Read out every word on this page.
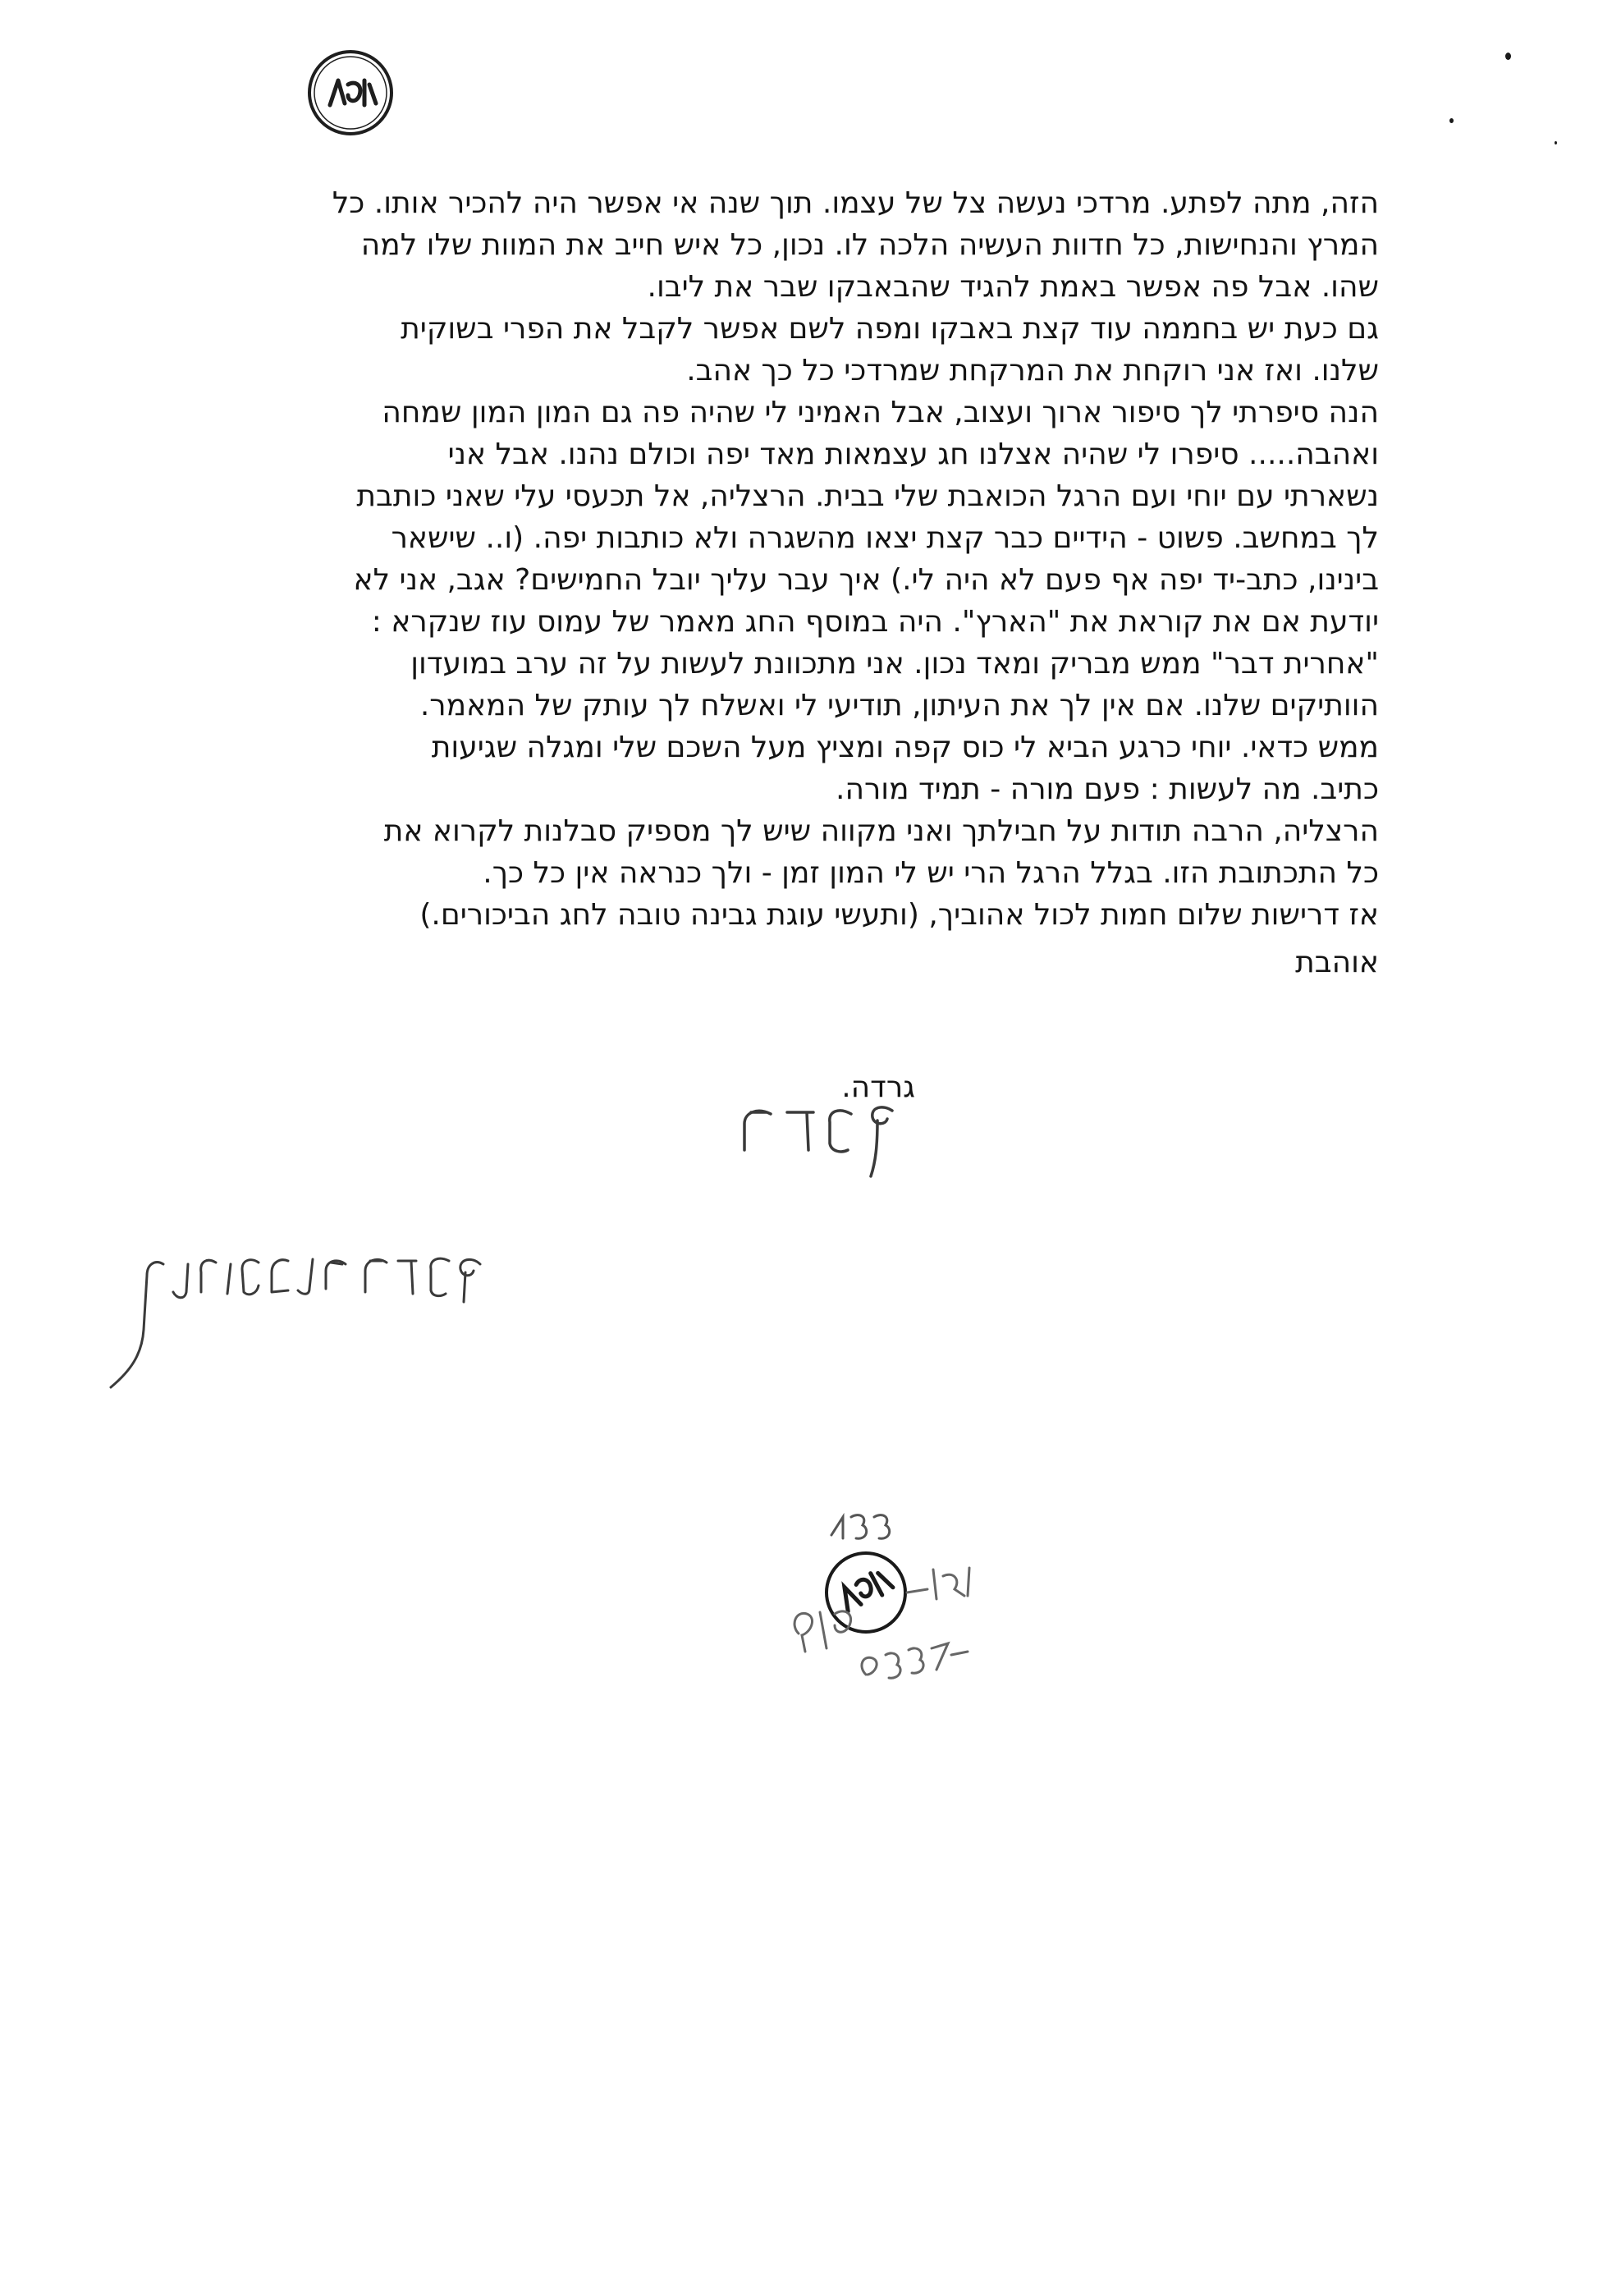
הזה, מתה לפתע. מרדכי נעשה צל של עצמו. תוך שנה אי אפשר היה להכיר אותו. כל
המרץ והנחישות, כל חדוות העשיה הלכה לו. נכון, כל איש חייב את המוות שלו למה
שהו. אבל פה אפשר באמת להגיד שהבאבקו שבר את ליבו.
גם כעת יש בחממה עוד קצת באבקו ומפה לשם אפשר לקבל את הפרי בשוקית
שלנו. ואז אני רוקחת את המרקחת שמרדכי כל כך אהב.
הנה סיפרתי לך סיפור ארוך ועצוב, אבל האמיני לי שהיה פה גם המון המון שמחה
ואהבה..... סיפרו לי שהיה אצלנו חג עצמאות מאד יפה וכולם נהנו. אבל אני
נשארתי עם יוחי ועם הרגל הכואבת שלי בבית. הרצליה, אל תכעסי עלי שאני כותבת
לך במחשב. פשוט - הידיים כבר קצת יצאו מהשגרה ולא כותבות יפה. (ו.. שישאר
בינינו, כתב-יד יפה אף פעם לא היה לי.) איך עבר עליך יובל החמישים? אגב, אני לא
יודעת אם את קוראת את "הארץ". היה במוסף החג מאמר של עמוס עוז שנקרא :
"אחרית דבר" ממש מבריק ומאד נכון. אני מתכוונת לעשות על זה ערב במועדון
הוותיקים שלנו. אם אין לך את העיתון, תודיעי לי ואשלח לך עותק של המאמר.
ממש כדאי. יוחי כרגע הביא לי כוס קפה ומציץ מעל השכם שלי ומגלה שגיעות
כתיב. מה לעשות : פעם מורה - תמיד מורה.
הרצליה, הרבה תודות על חבילתך ואני מקווה שיש לך מספיק סבלנות לקרוא את
כל התכתובת הזו. בגלל הרגל הרי יש לי המון זמן - ולך כנראה אין כל כך.
אז דרישות שלום חמות לכול אהוביך, (ותעשי עוגת גבינה טובה לחג הביכורים.)
אוהבת
גרדה.
